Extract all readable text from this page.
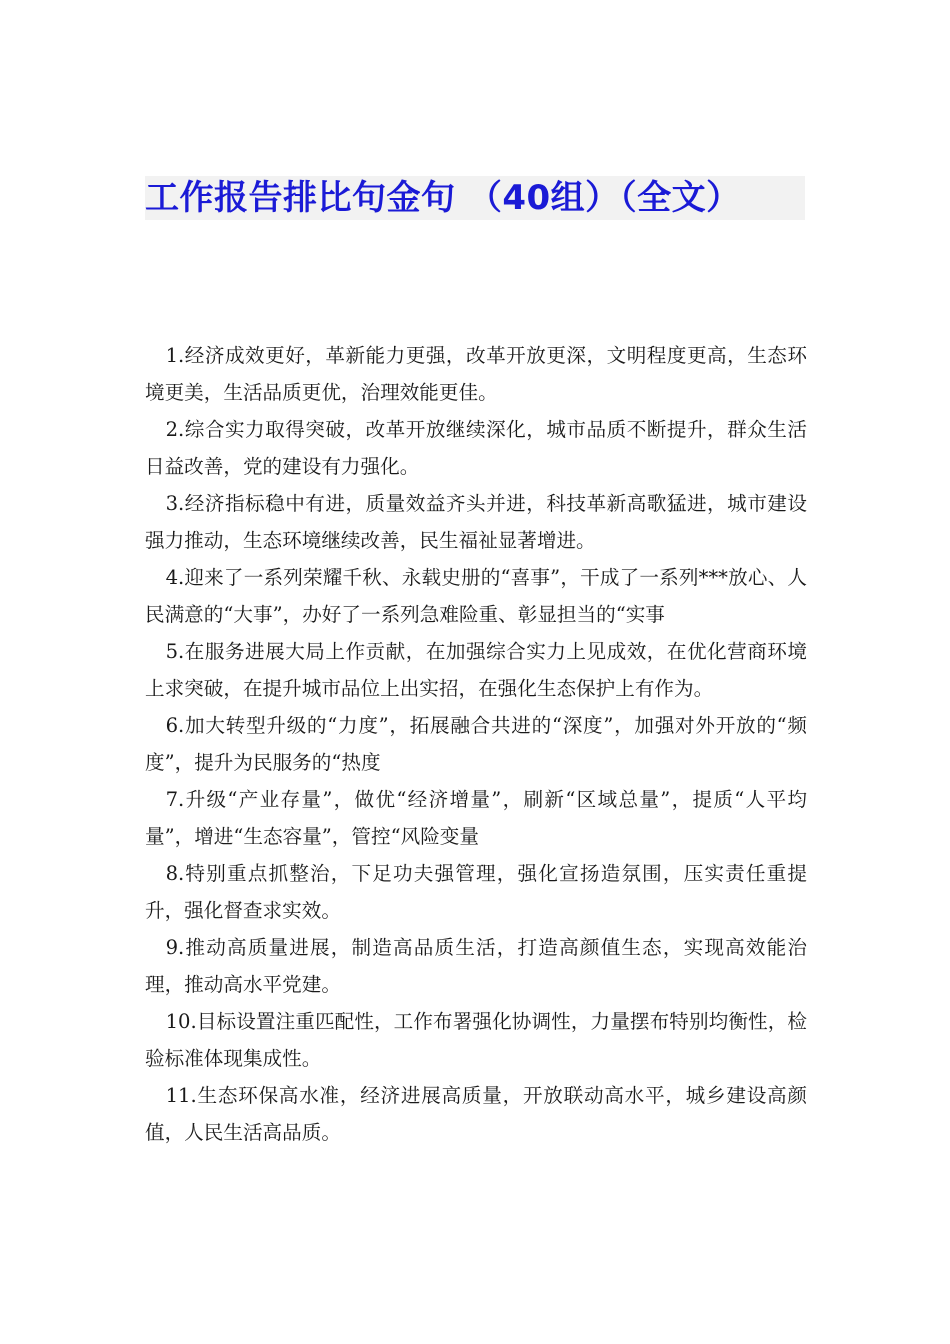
工作报告排比句金句 （40组）（全文）

1.经济成效更好，革新能力更强，改革开放更深，文明程度更高，生态环境更美，生活品质更优，治理效能更佳。

2.综合实力取得突破，改革开放继续深化，城市品质不断提升，群众生活日益改善，党的建设有力强化。

3.经济指标稳中有进，质量效益齐头并进，科技革新高歌猛进，城市建设强力推动，生态环境继续改善，民生福祉显著增进。

4.迎来了一系列荣耀千秋、永载史册的“喜事”，干成了一系列***放心、人民满意的“大事”，办好了一系列急难险重、彰显担当的“实事

5.在服务进展大局上作贡献，在加强综合实力上见成效，在优化营商环境上求突破，在提升城市品位上出实招，在强化生态保护上有作为。

6.加大转型升级的“力度”，拓展融合共进的“深度”，加强对外开放的“频度”，提升为民服务的“热度

7.升级“产业存量”，做优“经济增量”，刷新“区域总量”，提质“人平均量”，增进“生态容量”，管控“风险变量

8.特别重点抓整治，下足功夫强管理，强化宣扬造氛围，压实责任重提升，强化督查求实效。

9.推动高质量进展，制造高品质生活，打造高颜值生态，实现高效能治理，推动高水平党建。

10.目标设置注重匹配性，工作布署强化协调性，力量摆布特别均衡性，检验标准体现集成性。

11.生态环保高水准，经济进展高质量，开放联动高水平，城乡建设高颜值，人民生活高品质。
